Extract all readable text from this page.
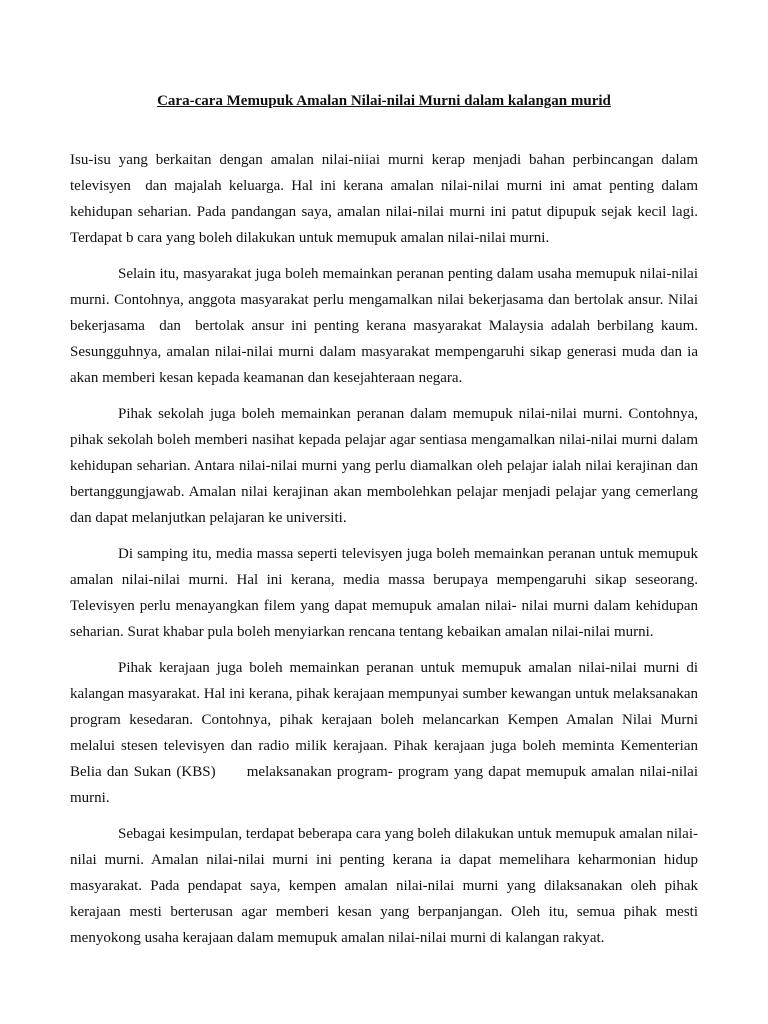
Cara-cara Memupuk Amalan Nilai-nilai Murni dalam kalangan murid

Isu-isu yang berkaitan dengan amalan nilai-niiai murni kerap menjadi bahan perbincangan dalam televisyen  dan majalah keluarga. Hal ini kerana amalan nilai-nilai murni ini amat penting dalam kehidupan seharian. Pada pandangan saya, amalan nilai-nilai murni ini patut dipupuk sejak kecil lagi. Terdapat b cara yang boleh dilakukan untuk memupuk amalan nilai-nilai murni.

Selain itu, masyarakat juga boleh memainkan peranan penting dalam usaha memupuk nilai-nilai murni. Contohnya, anggota masyarakat perlu mengamalkan nilai bekerjasama dan bertolak ansur. Nilai bekerjasama  dan  bertolak ansur ini penting kerana masyarakat Malaysia adalah berbilang kaum. Sesungguhnya, amalan nilai-nilai murni dalam masyarakat mempengaruhi sikap generasi muda dan ia akan memberi kesan kepada keamanan dan kesejahteraan negara.

Pihak sekolah juga boleh memainkan peranan dalam memupuk nilai-nilai murni. Contohnya, pihak sekolah boleh memberi nasihat kepada pelajar agar sentiasa mengamalkan nilai-nilai murni dalam kehidupan seharian. Antara nilai-nilai murni yang perlu diamalkan oleh pelajar ialah nilai kerajinan dan bertanggungjawab. Amalan nilai kerajinan akan membolehkan pelajar menjadi pelajar yang cemerlang dan dapat melanjutkan pelajaran ke universiti.

Di samping itu, media massa seperti televisyen juga boleh memainkan peranan untuk memupuk amalan nilai-nilai murni. Hal ini kerana, media massa berupaya mempengaruhi sikap seseorang. Televisyen perlu menayangkan filem yang dapat memupuk amalan nilai- nilai murni dalam kehidupan seharian. Surat khabar pula boleh menyiarkan rencana tentang kebaikan amalan nilai-nilai murni.

Pihak kerajaan juga boleh memainkan peranan untuk memupuk amalan nilai-nilai murni di kalangan masyarakat. Hal ini kerana, pihak kerajaan mempunyai sumber kewangan untuk melaksanakan program kesedaran. Contohnya, pihak kerajaan boleh melancarkan Kempen Amalan Nilai Murni melalui stesen televisyen dan radio milik kerajaan. Pihak kerajaan juga boleh meminta Kementerian Belia dan Sukan (KBS)      melaksanakan program- program yang dapat memupuk amalan nilai-nilai murni.

Sebagai kesimpulan, terdapat beberapa cara yang boleh dilakukan untuk memupuk amalan nilai-nilai murni. Amalan nilai-nilai murni ini penting kerana ia dapat memelihara keharmonian hidup masyarakat. Pada pendapat saya, kempen amalan nilai-nilai murni yang dilaksanakan oleh pihak kerajaan mesti berterusan agar memberi kesan yang berpanjangan. Oleh itu, semua pihak mesti menyokong usaha kerajaan dalam memupuk amalan nilai-nilai murni di kalangan rakyat.
